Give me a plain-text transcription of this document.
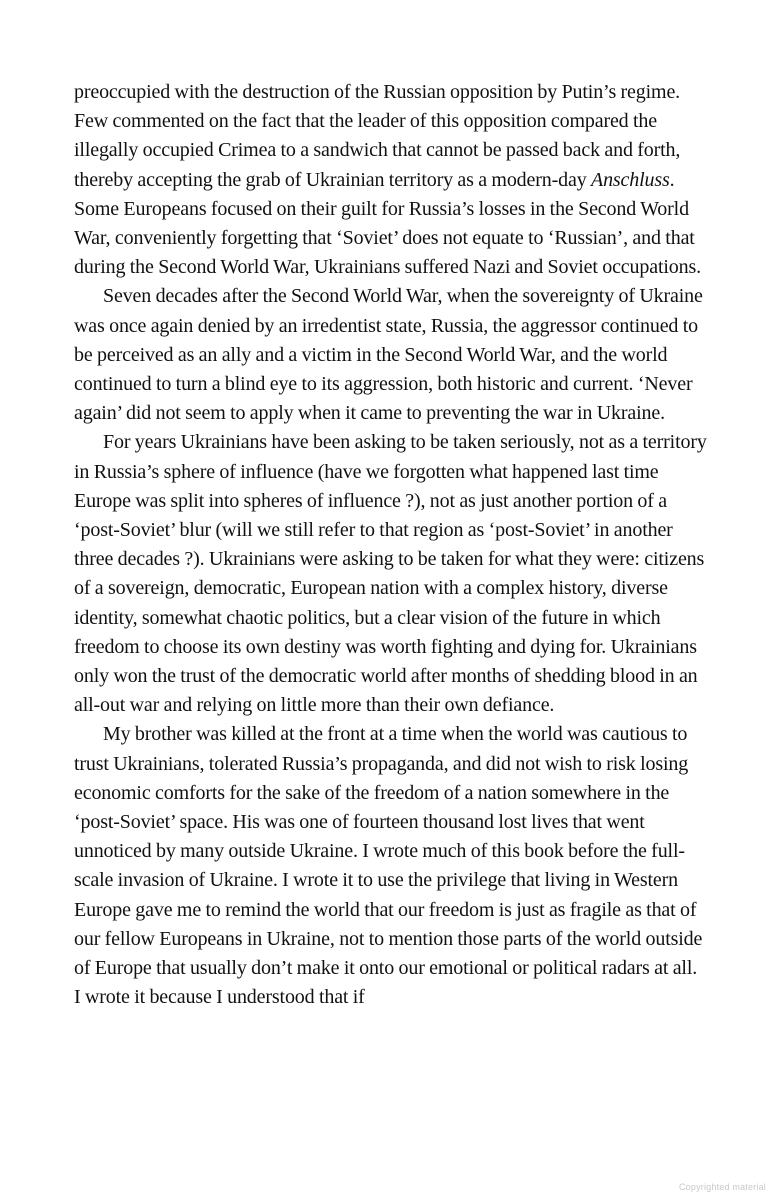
preoccupied with the destruction of the Russian opposition by Putin’s regime. Few commented on the fact that the leader of this opposition compared the illegally occupied Crimea to a sandwich that cannot be passed back and forth, thereby accepting the grab of Ukrainian territory as a modern-day Anschluss. Some Europeans focused on their guilt for Russia’s losses in the Second World War, conveniently forgetting that ‘Soviet’ does not equate to ‘Russian’, and that during the Second World War, Ukrainians suffered Nazi and Soviet occupations.

Seven decades after the Second World War, when the sovereignty of Ukraine was once again denied by an irredentist state, Russia, the aggressor continued to be perceived as an ally and a victim in the Second World War, and the world continued to turn a blind eye to its aggression, both historic and current. ‘Never again’ did not seem to apply when it came to preventing the war in Ukraine.

For years Ukrainians have been asking to be taken seriously, not as a territory in Russia’s sphere of influence (have we forgotten what happened last time Europe was split into spheres of influence ?), not as just another portion of a ‘post-Soviet’ blur (will we still refer to that region as ‘post-Soviet’ in another three decades ?). Ukrainians were asking to be taken for what they were: citizens of a sovereign, democratic, European nation with a complex history, diverse identity, somewhat chaotic politics, but a clear vision of the future in which freedom to choose its own destiny was worth fighting and dying for. Ukrainians only won the trust of the democratic world after months of shedding blood in an all-out war and relying on little more than their own defiance.

My brother was killed at the front at a time when the world was cautious to trust Ukrainians, tolerated Russia’s propaganda, and did not wish to risk losing economic comforts for the sake of the freedom of a nation somewhere in the ‘post-Soviet’ space. His was one of fourteen thousand lost lives that went unnoticed by many outside Ukraine. I wrote much of this book before the full-scale invasion of Ukraine. I wrote it to use the privilege that living in Western Europe gave me to remind the world that our freedom is just as fragile as that of our fellow Europeans in Ukraine, not to mention those parts of the world outside of Europe that usually don’t make it onto our emotional or political radars at all. I wrote it because I understood that if

Copyrighted material
